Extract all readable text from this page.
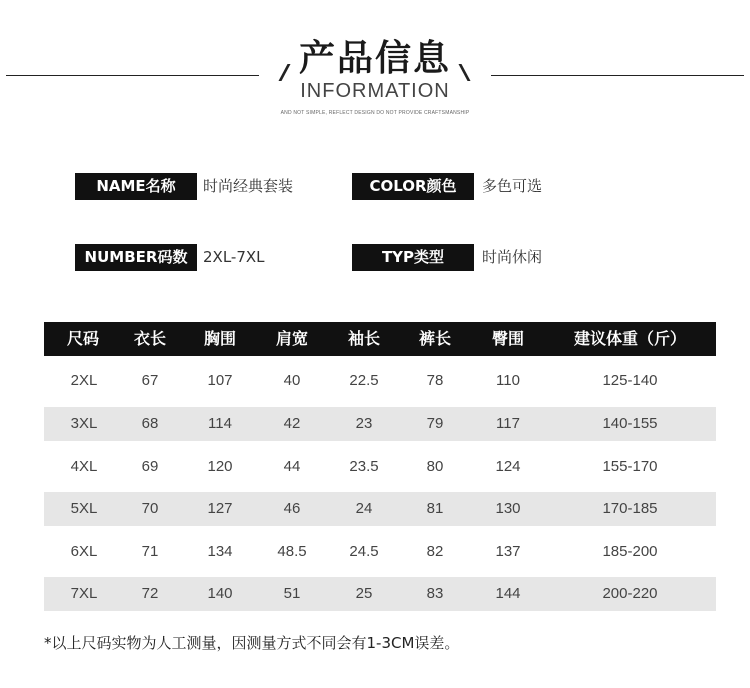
产品信息
INFORMATION
AND NOT SIMPLE, REFLECT DESIGN DO NOT PROVIDE CRAFTSMANSHIP
NAME名称	时尚经典套装	COLOR颜色	多色可选
NUMBER码数	2XL-7XL	TYP类型	时尚休闲
尺码	衣长	胸围	肩宽	袖长	裤长	臀围	建议体重（斤）
2XL	67	107	40	22.5	78	110	125-140
3XL	68	114	42	23	79	117	140-155
4XL	69	120	44	23.5	80	124	155-170
5XL	70	127	46	24	81	130	170-185
6XL	71	134	48.5	24.5	82	137	185-200
7XL	72	140	51	25	83	144	200-220
*以上尺码实物为人工测量，因测量方式不同会有1-3CM误差。
